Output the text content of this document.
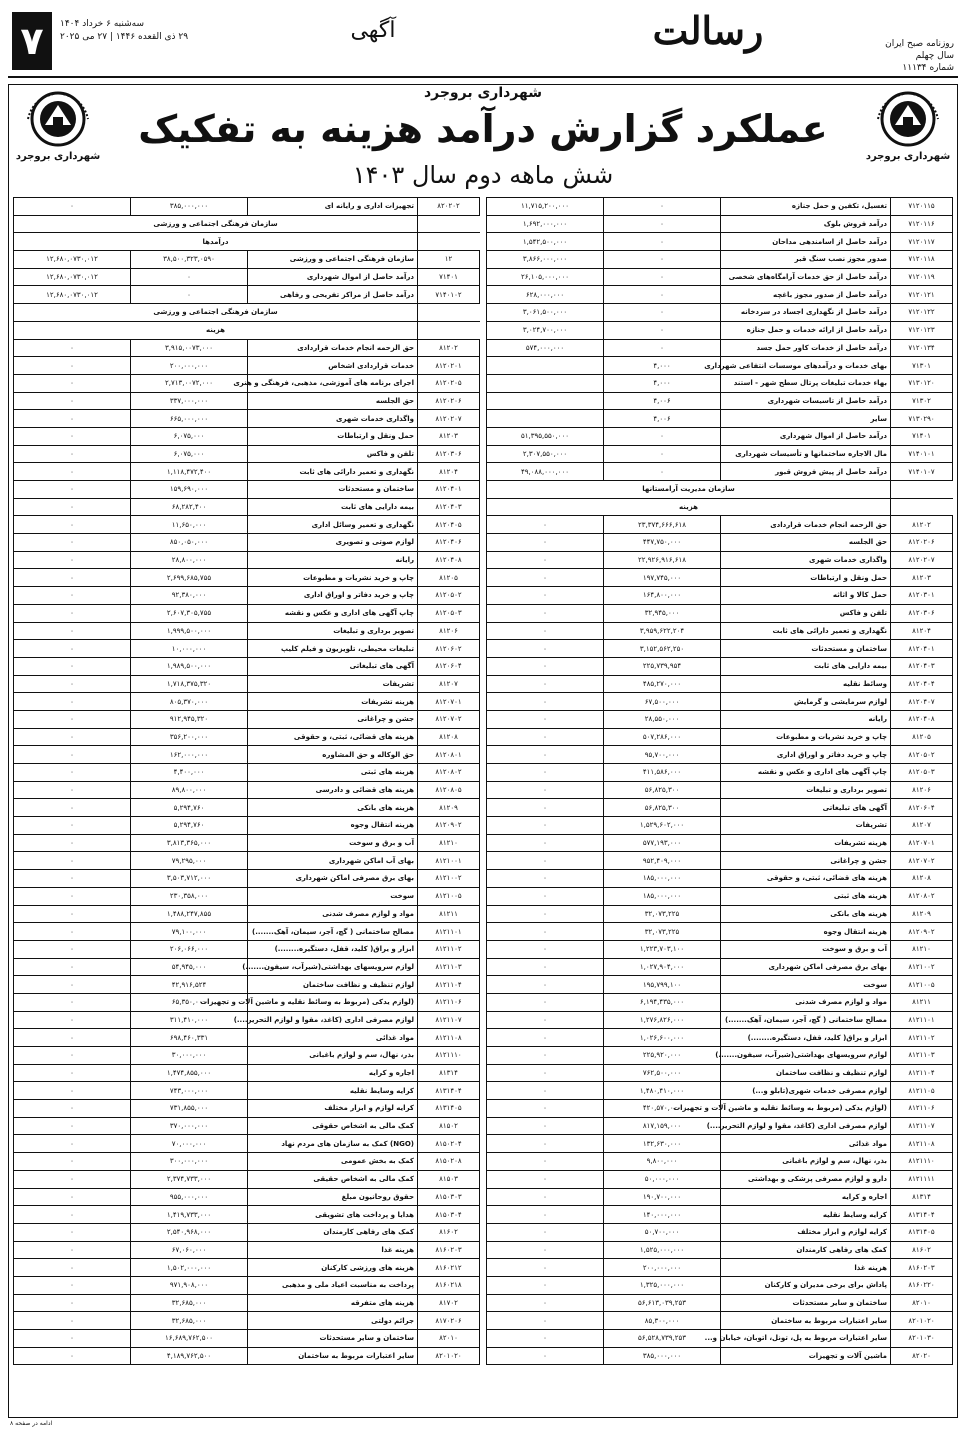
۷	سه‌شنبه ۶ خرداد ۱۴۰۴
۲۹ ذی القعده ۱۴۴۶ | ۲۷ می ۲۰۲۵	آگهی	رسالت	روزنامه صبح ایران
سال چهلم
شماره ۱۱۱۳۴
شهرداری بروجرد
شهرداری بروجرد
شهرداری بروجرد
عملکرد گزارش درآمد هزینه به تفکیک
شش ماهه دوم سال ۱۴۰۳
۷۱۲۰۱۱۵	تغسیل، تکفین و حمل جنازه	۰	۱۱,۷۱۵,۲۰۰,۰۰۰
۷۱۲۰۱۱۶	درآمد فروش بلوک	۰	۱,۶۹۲,۰۰۰,۰۰۰
۷۱۲۰۱۱۷	درآمد حاصل از اسامندهی مداحان	۰	۱,۵۴۲,۵۰۰,۰۰۰
۷۱۲۰۱۱۸	صدور مجوز نصب سنگ قبر	۰	۳,۸۶۶,۰۰۰,۰۰۰
۷۱۲۰۱۱۹	درآمد حاصل از حق خدمات آرامگاه‌های شخصی	۰	۲۶,۱۰۵,۰۰۰,۰۰۰
۷۱۲۰۱۲۱	درآمد حاصل از صدور مجوز باغچه	۰	۶۲۸,۰۰۰,۰۰۰
۷۱۲۰۱۲۲	درآمد حاصل از نگهداری اجساد در سردخانه	۰	۳,۰۶۱,۵۰۰,۰۰۰
۷۱۲۰۱۲۳	درآمد حاصل از ارائه خدمات و حمل جنازه	۰	۳,۰۲۴,۷۰۰,۰۰۰
۷۱۲۰۱۳۴	درآمد حاصل از خدمات کاور حمل جسد	۰	۵۷۴,۰۰۰,۰۰۰
۷۱۳۰۱	بهای خدمات و درآمدهای موسسات انتفاعی شهرداری	۴,۰۰۰	
۷۱۳۰۱۲۰	بهاء خدمات تبلیغات پرتال سطح شهر - استند	۴,۰۰۰	
۷۱۳۰۲	درآمد حاصل از تاسیسات شهرداری	۴,۰۰۶	
۷۱۳۰۲۹۰	سایر	۴,۰۰۶	
۷۱۴۰۱	درآمد حاصل از اموال شهرداری	۰	۵۱,۳۹۵,۵۵۰,۰۰۰
۷۱۴۰۱۰۱	مال الاجاره ساختمانها و تأسیسات شهرداری	۰	۲,۳۰۷,۵۵۰,۰۰۰
۷۱۴۰۱۰۷	درآمد حاصل از پیش فروش قبور	۰	۴۹,۰۸۸,۰۰۰,۰۰۰
	سازمان مدیریت آرامستانها		
	هزینه		
۸۱۲۰۲	حق الزحمه انجام خدمات قراردادی	۲۳,۳۷۴,۶۶۶,۶۱۸	۰
۸۱۲۰۲۰۶	حق الجلسه	۴۴۷,۷۵۰,۰۰۰	۰
۸۱۲۰۲۰۷	واگذاری خدمات شهری	۲۲,۹۲۶,۹۱۶,۶۱۸	۰
۸۱۲۰۳	حمل ونقل و ارتباطات	۱۹۷,۷۴۵,۰۰۰	۰
۸۱۲۰۳۰۱	حمل کالا و اثاثه	۱۶۴,۸۰۰,۰۰۰	۰
۸۱۲۰۳۰۶	تلفن و فاکس	۳۲,۹۴۵,۰۰۰	۰
۸۱۲۰۴	نگهداری و تعمیر دارائی های ثابت	۳,۹۵۹,۶۲۲,۲۰۴	۰
۸۱۲۰۴۰۱	ساختمان و مستحدثات	۳,۱۵۲,۵۶۲,۲۵۰	۰
۸۱۲۰۴۰۳	بیمه دارایی های ثابت	۲۲۵,۷۳۹,۹۵۴	۰
۸۱۲۰۴۰۴	وسائط نقلیه	۴۸۵,۲۷۰,۰۰۰	۰
۸۱۲۰۴۰۷	لوازم سرمایشی و گرمایش	۶۷,۵۰۰,۰۰۰	۰
۸۱۲۰۴۰۸	رایانه	۲۸,۵۵۰,۰۰۰	۰
۸۱۲۰۵	چاپ و خرید نشریات و مطبوعات	۵۰۷,۲۸۶,۰۰۰	۰
۸۱۲۰۵۰۲	چاپ و خرید دفاتر و اوراق اداری	۹۵,۷۰۰,۰۰۰	۰
۸۱۲۰۵۰۳	چاپ آگهی های اداری و عکس و نقشه	۴۱۱,۵۸۶,۰۰۰	۰
۸۱۲۰۶	تصویر برداری و تبلیغات	۵۶,۸۲۵,۳۰۰	۰
۸۱۲۰۶۰۴	آگهی های تبلیغاتی	۵۶,۸۲۵,۳۰۰	۰
۸۱۲۰۷	تشریفات	۱,۵۲۹,۶۰۲,۰۰۰	۰
۸۱۲۰۷۰۱	هزینه تشریفات	۵۷۷,۱۹۳,۰۰۰	۰
۸۱۲۰۷۰۲	جشن و چراغانی	۹۵۲,۴۰۹,۰۰۰	۰
۸۱۲۰۸	هزینه های قضائی، ثبتی، و حقوقی	۱۸۵,۰۰۰,۰۰۰	۰
۸۱۲۰۸۰۲	هزینه های ثبتی	۱۸۵,۰۰۰,۰۰۰	۰
۸۱۲۰۹	هزینه های بانکی	۳۲,۰۷۳,۲۲۵	۰
۸۱۲۰۹۰۲	هزینه انتقال وجوه	۳۲,۰۷۳,۲۲۵	۰
۸۱۲۱۰	آب و برق و سوخت	۱,۲۲۳,۷۰۳,۱۰۰	۰
۸۱۲۱۰۰۲	بهای برق مصرفی اماکن شهرداری	۱,۰۲۷,۹۰۴,۰۰۰	۰
۸۱۲۱۰۰۵	سوخت	۱۹۵,۷۹۹,۱۰۰	۰
۸۱۲۱۱	مواد و لوازم مصرف شدنی	۶,۱۹۴,۴۳۵,۰۰۰	۰
۸۱۲۱۱۰۱	مصالح ساختمانی ( گچ، آجر، سیمان، آهک.......)	۱,۲۷۶,۸۲۶,۰۰۰	۰
۸۱۲۱۱۰۲	ابزار و یراق( کلید، قفل، دستگیره........)	۱,۰۲۶,۶۰۰,۰۰۰	۰
۸۱۲۱۱۰۳	لوازم سرویسهای بهداشتی(شیرآب، سیفون.......)	۲۲۵,۹۲۰,۰۰۰	۰
۸۱۲۱۱۰۴	لوازم تنظیف و نظافت ساختمان	۷۶۲,۵۰۰,۰۰۰	۰
۸۱۲۱۱۰۵	لوازم مصرفی خدمات شهری(تابلو و...)	۱,۴۸۰,۴۱۰,۰۰۰	۰
۸۱۲۱۱۰۶	(لوازم یدکی (مربوط به وسائط نقلیه و ماشین آلات و تجهیزات	۴۲۰,۵۷۰,۰۰۰	۰
۸۱۲۱۱۰۷	لوازم مصرفی اداری (کاغذ، مقوا و لوازم التحریر....)	۸۱۷,۱۵۹,۰۰۰	۰
۸۱۲۱۱۰۸	مواد غذائی	۱۳۲,۶۳۰,۰۰۰	۰
۸۱۲۱۱۱۰	بذر، نهال، سم و لوازم باغبانی	۹,۸۰۰,۰۰۰	۰
۸۱۲۱۱۱۱	دارو و لوازم مصرفی پزشکی و بهداشتی	۵۰,۰۰۰,۰۰۰	۰
۸۱۳۱۴	اجاره و کرایه	۱۹۰,۷۰۰,۰۰۰	۰
۸۱۳۱۴۰۴	کرایه وسایط نقلیه	۱۴۰,۰۰۰,۰۰۰	۰
۸۱۳۱۴۰۵	کرایه لوازم و ابزار مختلف	۵۰,۷۰۰,۰۰۰	۰
۸۱۶۰۲	کمک های رفاهی کارمندان	۱,۵۲۵,۰۰۰,۰۰۰	۰
۸۱۶۰۲۰۳	هزینه غذا	۲۰۰,۰۰۰,۰۰۰	۰
۸۱۶۰۲۲۰	پاداش برای برخی مدیران و کارکنان	۱,۳۲۵,۰۰۰,۰۰۰	۰
۸۲۰۱۰	ساختمان و سایر مستحدثات	۵۶,۶۱۳,۰۳۹,۲۵۳	۰
۸۲۰۱۰۲۰	سایر اعتبارات مربوط به ساختمان	۸۵,۳۰۰,۰۰۰	۰
۸۲۰۱۰۳۰	سایر اعتبارات مربوط به پل، تونل، اتوبان، خیابان و...	۵۶,۵۲۸,۷۳۹,۲۵۳	۰
۸۲۰۲۰	ماشین آلات و تجهیزات	۳۸۵,۰۰۰,۰۰۰	۰
۸۲۰۲۰۲	تجهیزات اداری و رایانه ای	۳۸۵,۰۰۰,۰۰۰	۰
	سازمان فرهنگی اجتماعی و ورزشی		
	درآمدها		
۱۲	سازمان فرهنگی اجتماعی و ورزشی	۳۸,۵۰۰,۳۲۳,۰۵۹۰	۱۲,۶۸۰,۰۷۳۰,۰۱۲
۷۱۴۰۱	درآمد حاصل از اموال شهرداری	۰	۱۲,۶۸۰,۰۷۳۰,۰۱۲
۷۱۴۰۱۰۲	درآمد حاصل از مراکز تفریحی و رفاهی	۰	۱۲,۶۸۰,۰۷۳۰,۰۱۲
	سازمان فرهنگی اجتماعی و ورزشی		
	هزینه		
۸۱۲۰۲	حق الزحمه انجام خدمات قراردادی	۳,۹۱۵,۰۰۷۳,۰۰۰	۰
۸۱۲۰۲۰۱	خدمات قراردادی اشخاص	۲۰۰,۰۰۰,۰۰۰	۰
۸۱۲۰۲۰۵	اجرای برنامه های آموزشی، مذهبی، فرهنگی و هنری	۲,۷۱۳,۰۰۷۲,۰۰۰	۰
۸۱۲۰۲۰۶	حق الجلسه	۳۳۷,۰۰۰,۰۰۰	۰
۸۱۲۰۲۰۷	واگذاری خدمات شهری	۶۶۵,۰۰۰,۰۰۰	۰
۸۱۲۰۳	حمل ونقل و ارتباطات	۶,۰۷۵,۰۰۰	۰
۸۱۲۰۳۰۶	تلفن و فاکس	۶,۰۷۵,۰۰۰	۰
۸۱۲۰۴	نگهداری و تعمیر دارائی های ثابت	۱,۱۱۸,۴۷۲,۴۰۰	۰
۸۱۲۰۴۰۱	ساختمان و مستحدثات	۱۵۹,۶۹۰,۰۰۰	۰
۸۱۲۰۴۰۳	بیمه دارایی های ثابت	۶۸,۲۸۲,۴۰۰	۰
۸۱۲۰۴۰۵	نگهداری و تعمیر وسائل اداری	۱۱,۶۵۰,۰۰۰	۰
۸۱۲۰۴۰۶	لوازم صوتی و تصویری	۸۵۰,۰۵۰,۰۰۰	۰
۸۱۲۰۴۰۸	رایانه	۲۸,۸۰۰,۰۰۰	۰
۸۱۲۰۵	چاپ و خرید نشریات و مطبوعات	۲,۶۹۹,۶۸۵,۷۵۵	۰
۸۱۲۰۵۰۲	چاپ و خرید دفاتر و اوراق اداری	۹۲,۳۸۰,۰۰۰	۰
۸۱۲۰۵۰۳	چاپ آگهی های اداری و عکس و نقشه	۲,۶۰۷,۳۰۵,۷۵۵	۰
۸۱۲۰۶	تصویر برداری و تبلیغات	۱,۹۹۹,۵۰۰,۰۰۰	۰
۸۱۲۰۶۰۲	تبلیغات محیطی، تلویزیون و فیلم کلیپ	۱۰,۰۰۰,۰۰۰	۰
۸۱۲۰۶۰۴	آگهی های تبلیغاتی	۱,۹۸۹,۵۰۰,۰۰۰	۰
۸۱۲۰۷	تشریفات	۱,۷۱۸,۳۷۵,۳۲۰	۰
۸۱۲۰۷۰۱	هزینه تشریفات	۸۰۵,۳۷۰,۰۰۰	۰
۸۱۲۰۷۰۲	جشن و چراغانی	۹۱۲,۹۴۵,۳۲۰	۰
۸۱۲۰۸	هزینه های قضائی، ثبتی، و حقوقی	۳۵۶,۲۰۰,۰۰۰	۰
۸۱۲۰۸۰۱	حق الوکاله و حق المشاوره	۱۶۲,۰۰۰,۰۰۰	۰
۸۱۲۰۸۰۲	هزینه های ثبتی	۴,۴۰۰,۰۰۰	۰
۸۱۲۰۸۰۵	هزینه های قضائی و دادرسی	۸۹,۸۰۰,۰۰۰	۰
۸۱۲۰۹	هزینه های بانکی	۵,۲۹۴,۷۶۰	۰
۸۱۲۰۹۰۲	هزینه انتقال وجوه	۵,۲۹۴,۷۶۰	۰
۸۱۲۱۰	آب و برق و سوخت	۳,۸۱۳,۳۶۵,۰۰۰	۰
۸۱۲۱۰۰۱	بهای آب اماکن شهرداری	۷۹,۲۹۵,۰۰۰	۰
۸۱۲۱۰۰۲	بهای برق مصرفی اماکن شهرداری	۳,۵۰۳,۷۱۲,۰۰۰	۰
۸۱۲۱۰۰۵	سوخت	۲۳۰,۳۵۸,۰۰۰	۰
۸۱۲۱۱	مواد و لوازم مصرف شدنی	۱,۴۸۸,۲۴۷,۸۵۵	۰
۸۱۲۱۱۰۱	مصالح ساختمانی ( گچ، آجر، سیمان، آهک.......)	۷۹,۱۰۰,۰۰۰	۰
۸۱۲۱۱۰۲	ابزار و یراق( کلید، قفل، دستگیره........)	۲۰۶,۰۶۶,۰۰۰	۰
۸۱۲۱۱۰۳	لوازم سرویسهای بهداشتی(شیرآب، سیفون.......)	۵۴,۹۴۵,۰۰۰	۰
۸۱۲۱۱۰۴	لوازم تنظیف و نظافت ساختمان	۴۲,۹۱۶,۵۲۴	۰
۸۱۲۱۱۰۶	(لوازم یدکی (مربوط به وسائط نقلیه و ماشین آلات و تجهیزات	۶۵,۳۵۰,۰۰۰	۰
۸۱۲۱۱۰۷	لوازم مصرفی اداری (کاغذ، مقوا و لوازم التحریر....)	۳۱۱,۴۱۰,۰۰۰	۰
۸۱۲۱۱۰۸	مواد غذائی	۶۹۸,۴۶۰,۳۳۱	۰
۸۱۲۱۱۱۰	بذر، نهال، سم و لوازم باغبانی	۳۰,۰۰۰,۰۰۰	۰
۸۱۳۱۴	اجاره و کرایه	۱,۴۷۴,۸۵۵,۰۰۰	۰
۸۱۳۱۴۰۴	کرایه وسایط نقلیه	۷۴۳,۰۰۰,۰۰۰	۰
۸۱۳۱۴۰۵	کرایه لوازم و ابزار مختلف	۷۳۱,۸۵۵,۰۰۰	۰
۸۱۵۰۲	کمک مالی به اشخاص حقوقی	۳۷۰,۰۰۰,۰۰۰	۰
۸۱۵۰۲۰۴	(NGO) کمک به سازمان های مردم نهاد	۷۰,۰۰۰,۰۰۰	۰
۸۱۵۰۲۰۸	کمک به بخش عمومی	۳۰۰,۰۰۰,۰۰۰	۰
۸۱۵۰۳	کمک مالی به اشخاص حقیقی	۲,۳۷۴,۷۳۳,۰۰۰	۰
۸۱۵۰۳۰۳	حقوق روحانیون مبلغ	۹۵۵,۰۰۰,۰۰۰	۰
۸۱۵۰۳۰۴	هدایا و پرداخت های تشویقی	۱,۴۱۹,۷۳۳,۰۰۰	۰
۸۱۶۰۲	کمک های رفاهی کارمندان	۲,۵۴۰,۹۶۸,۰۰۰	۰
۸۱۶۰۲۰۳	هزینه غذا	۶۷,۰۶۰,۰۰۰	۰
۸۱۶۰۲۱۲	هزینه های ورزشی کارکنان	۱,۵۰۲,۰۰۰,۰۰۰	۰
۸۱۶۰۲۱۸	پرداخت به مناسبت اعیاد ملی و مذهبی	۹۷۱,۹۰۸,۰۰۰	۰
۸۱۷۰۲	هزینه های متفرقه	۳۲,۶۸۵,۰۰۰	۰
۸۱۷۰۲۰۶	جرائم دولتی	۳۲,۶۸۵,۰۰۰	۰
۸۲۰۱۰	ساختمان و سایر مستحدثات	۱۶,۶۸۹,۷۶۲,۵۰۰	۰
۸۲۰۱۰۲۰	سایر اعتبارات مربوط به ساختمان	۴,۱۸۹,۷۶۲,۵۰۰	۰
ادامه در صفحه ۸
